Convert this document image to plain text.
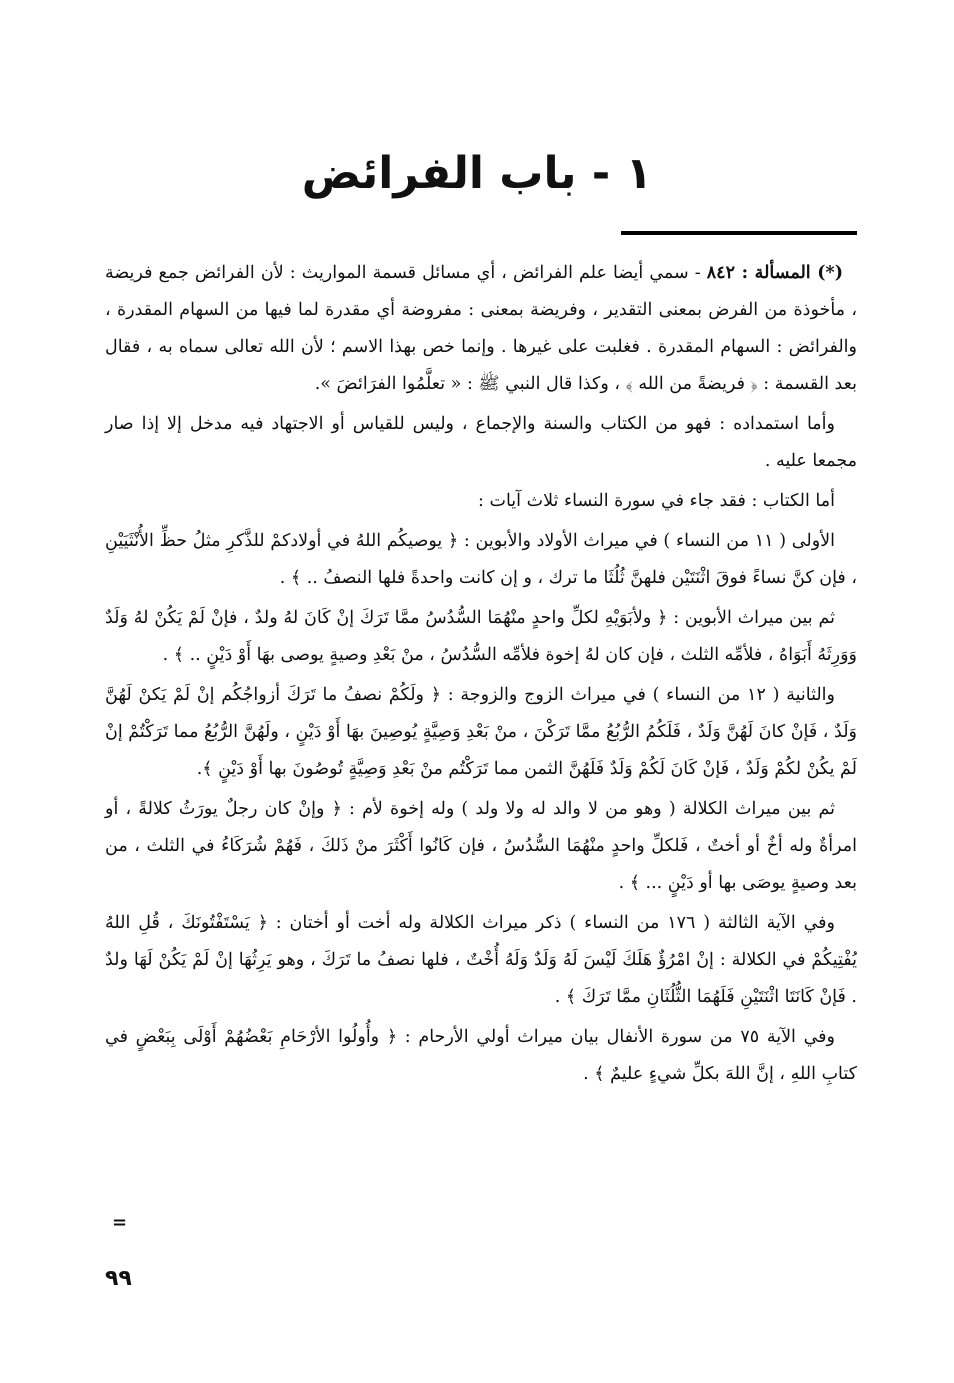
١ - باب الفرائض

(*) المسألة : ٨٤٢ - سمي أيضا علم الفرائض ، أي مسائل قسمة المواريث : لأن الفرائض جمع فريضة ، مأخوذة من الفرض بمعنى التقدير ، وفريضة بمعنى : مفروضة أي مقدرة لما فيها من السهام المقدرة ، والفرائض : السهام المقدرة . فغلبت على غيرها . وإنما خص بهذا الاسم ؛ لأن الله تعالى سماه به ، فقال بعد القسمة : ﴿ فريضةً من الله ﴾ ، وكذا قال النبي ﷺ : « تعلَّمُوا الفرَائضَ ».

وأما استمداده : فهو من الكتاب والسنة والإجماع ، وليس للقياس أو الاجتهاد فيه مدخل إلا إذا صار مجمعا عليه .

أما الكتاب : فقد جاء في سورة النساء ثلاث آيات :

الأولى ( ١١ من النساء ) في ميراث الأولاد والأبوين : ﴿ يوصيكُم اللهُ في أولادكمْ للذَّكرِ مثلُ حظِّ الأُنْثَيَيْنِ ، فإن كنَّ نساءً فوقَ اثْنَتَيْن فلهنَّ ثُلُثَا ما ترك ، و إن كانت واحدةً فلها النصفُ .. ﴾ .

ثم بين ميراث الأبوين : ﴿ ولأبَوَيْهِ لكلِّ واحدٍ منْهُمَا السُّدُسُ ممَّا تَرَكَ إنْ كَانَ لهُ ولدٌ ، فإنْ لَمْ يَكُنْ لهُ وَلَدٌ وَوَرِثَهُ أَبَوَاهُ ، فلأمِّه الثلث ، فإن كان لهُ إخوة فلأمِّه السُّدُسُ ، منْ بَعْدِ وصيةٍ يوصى بهَا أَوْ دَيْنٍ .. ﴾ .

والثانية ( ١٢ من النساء ) في ميراث الزوج والزوجة : ﴿ ولَكُمْ نصفُ ما تَرَكَ أزواجُكُم إنْ لَمْ يَكنْ لَهُنَّ وَلَدٌ ، فَإنْ كانَ لَهُنَّ وَلَدٌ ، فَلَكُمُ الرُّبُعُ ممَّا تَرَكْنَ ، منْ بَعْدِ وَصِيَّةٍ يُوصِينَ بهَا أَوْ دَيْنٍ ، ولَهُنَّ الرُّبُعُ مما تَرَكْتُمْ إنْ لَمْ يكُنْ لكُمْ وَلَدٌ ، فَإنْ كَانَ لَكُمْ وَلَدٌ فَلَهُنَّ الثمن مما تَرَكْتُم منْ بَعْدِ وَصِيَّةٍ تُوصُونَ بها أَوْ دَيْنٍ ﴾.

ثم بين ميراث الكلالة ( وهو من لا والد له ولا ولد ) وله إخوة لأم : ﴿ وإنْ كان رجلٌ يورَثُ كلالةً ، أو امرأةٌ وله أخٌ أو أختٌ ، فَلكلِّ واحدٍ منْهُمَا السُّدُسُ ، فإن كَانُوا أَكْثَرَ منْ ذَلكَ ، فَهُمْ شُرَكَاءُ في الثلث ، من بعد وصيةٍ يوصَى بها أو دَيْنٍ ... ﴾ .

وفي الآية الثالثة ( ١٧٦ من النساء ) ذكر ميراث الكلالة وله أخت أو أختان : ﴿ يَسْتَفْتُونَكَ ، قُلِ اللهُ يُفْتِيكُمْ في الكلالة : إنْ امْرُؤٌ هَلَكَ لَيْسَ لَهُ وَلَدٌ وَلَهُ أُخْتٌ ، فلها نصفُ ما تَرَكَ ، وهو يَرِثُهَا إنْ لَمْ يَكُنْ لَهَا ولدٌ . فَإنْ كَانَتَا اثْنَتَيْنِ فَلَهُمَا الثُّلُثَانِ ممَّا تَرَكَ ﴾ .

وفي الآية ٧٥ من سورة الأنفال بيان ميراث أولي الأرحام : ﴿ وأُولُوا الأرْحَامِ بَعْضُهُمْ أَوْلَى بِبَعْضٍ في كتابِ اللهِ ، إنَّ اللهَ بكلِّ شيءٍ عليمٌ ﴾ .

=
٩٩
